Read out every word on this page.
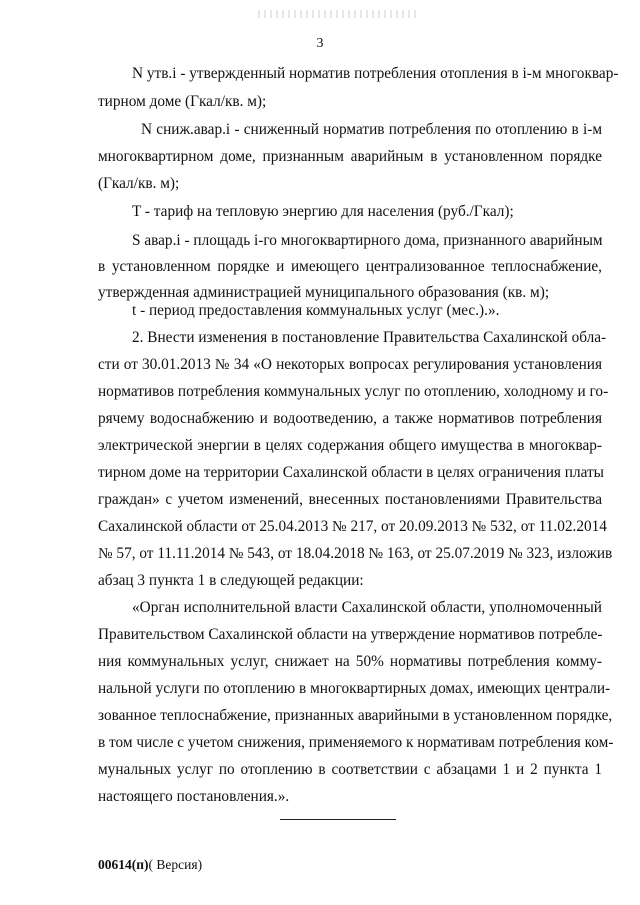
3
N утв.i - утвержденный норматив потребления отопления в i-м многоквар-
тирном доме (Гкал/кв. м);
N сниж.авар.i - сниженный норматив потребления по отоплению в i-м
многоквартирном доме, признанным аварийным в установленном порядке
(Гкал/кв. м);
T - тариф на тепловую энергию для населения (руб./Гкал);
S авар.i - площадь i-го многоквартирного дома, признанного аварийным
в установленном порядке и имеющего централизованное теплоснабжение,
утвержденная администрацией муниципального образования (кв. м);
t - период предоставления коммунальных услуг (мес.).».
2. Внести изменения в постановление Правительства Сахалинской обла-
сти от 30.01.2013 № 34 «О некоторых вопросах регулирования установления
нормативов потребления коммунальных услуг по отоплению, холодному и го-
рячему водоснабжению и водоотведению, а также нормативов потребления
электрической энергии в целях содержания общего имущества в многоквар-
тирном доме на территории Сахалинской области в целях ограничения платы
граждан» с учетом изменений, внесенных постановлениями Правительства
Сахалинской области от 25.04.2013 № 217, от 20.09.2013 № 532, от 11.02.2014
№ 57, от 11.11.2014 № 543, от 18.04.2018 № 163, от 25.07.2019 № 323, изложив
абзац 3 пункта 1 в следующей редакции:
«Орган исполнительной власти Сахалинской области, уполномоченный
Правительством Сахалинской области на утверждение нормативов потребле-
ния коммунальных услуг, снижает на 50% нормативы потребления комму-
нальной услуги по отоплению в многоквартирных домах, имеющих централи-
зованное теплоснабжение, признанных аварийными в установленном порядке,
в том числе с учетом снижения, применяемого к нормативам потребления ком-
мунальных услуг по отоплению в соответствии с абзацами 1 и 2 пункта 1
настоящего постановления.».
00614(п)( Версия)
